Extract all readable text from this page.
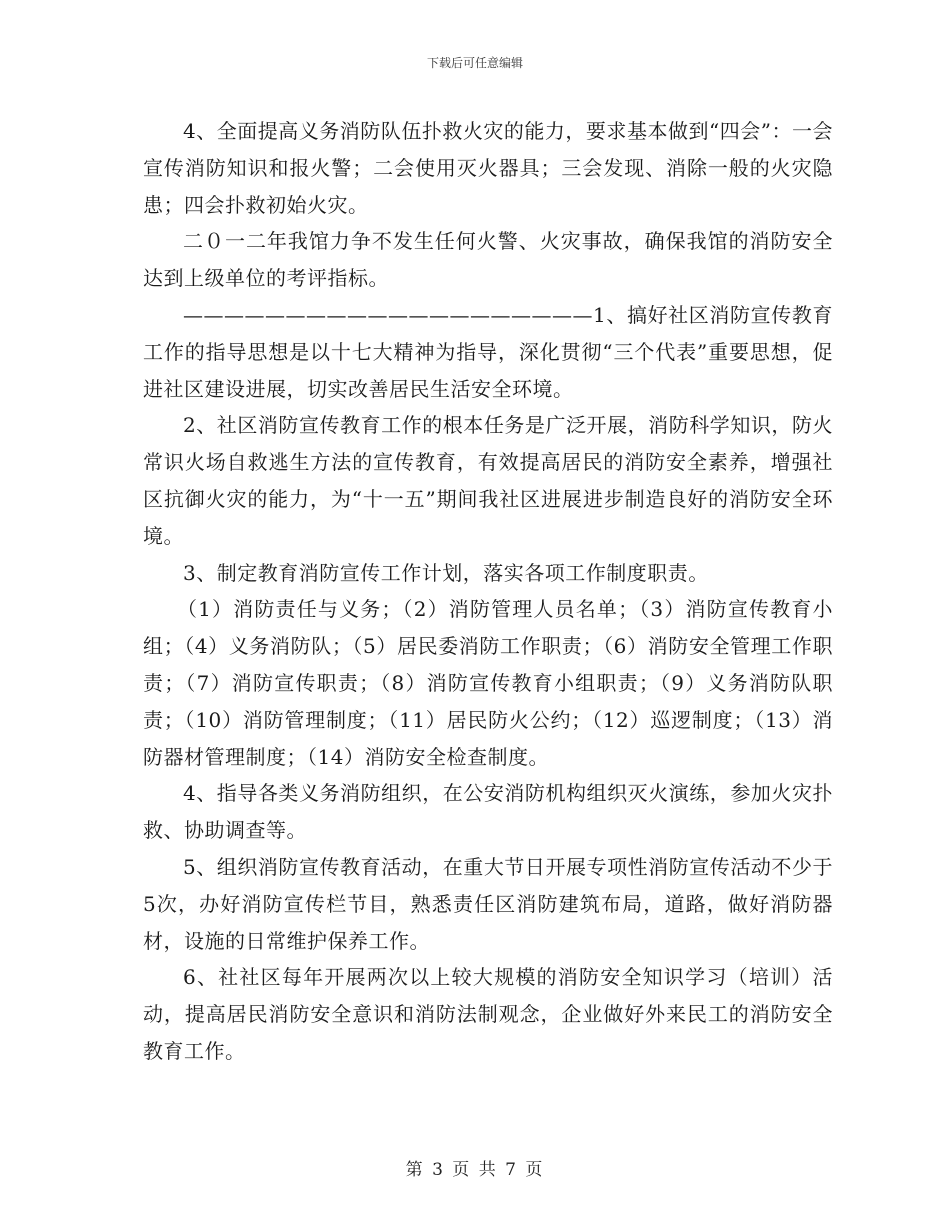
下载后可任意编辑

4、全面提高义务消防队伍扑救火灾的能力，要求基本做到“四会”：一会宣传消防知识和报火警；二会使用灭火器具；三会发现、消除一般的火灾隐患；四会扑救初始火灾。

二０一二年我馆力争不发生任何火警、火灾事故，确保我馆的消防安全达到上级单位的考评指标。

————————————————————1、搞好社区消防宣传教育工作的指导思想是以十七大精神为指导，深化贯彻“三个代表”重要思想，促进社区建设进展，切实改善居民生活安全环境。

2、社区消防宣传教育工作的根本任务是广泛开展，消防科学知识，防火常识火场自救逃生方法的宣传教育，有效提高居民的消防安全素养，增强社区抗御火灾的能力，为“十一五”期间我社区进展进步制造良好的消防安全环境。

3、制定教育消防宣传工作计划，落实各项工作制度职责。

（1）消防责任与义务；（2）消防管理人员名单；（3）消防宣传教育小组；（4）义务消防队；（5）居民委消防工作职责；（6）消防安全管理工作职责；（7）消防宣传职责；（8）消防宣传教育小组职责；（9）义务消防队职责；（10）消防管理制度；（11）居民防火公约；（12）巡逻制度；（13）消防器材管理制度；（14）消防安全检查制度。

4、指导各类义务消防组织，在公安消防机构组织灭火演练，参加火灾扑救、协助调查等。

5、组织消防宣传教育活动，在重大节日开展专项性消防宣传活动不少于5次，办好消防宣传栏节目，熟悉责任区消防建筑布局，道路，做好消防器材，设施的日常维护保养工作。

6、社社区每年开展两次以上较大规模的消防安全知识学习（培训）活动，提高居民消防安全意识和消防法制观念，企业做好外来民工的消防安全教育工作。

第 3 页 共 7 页
